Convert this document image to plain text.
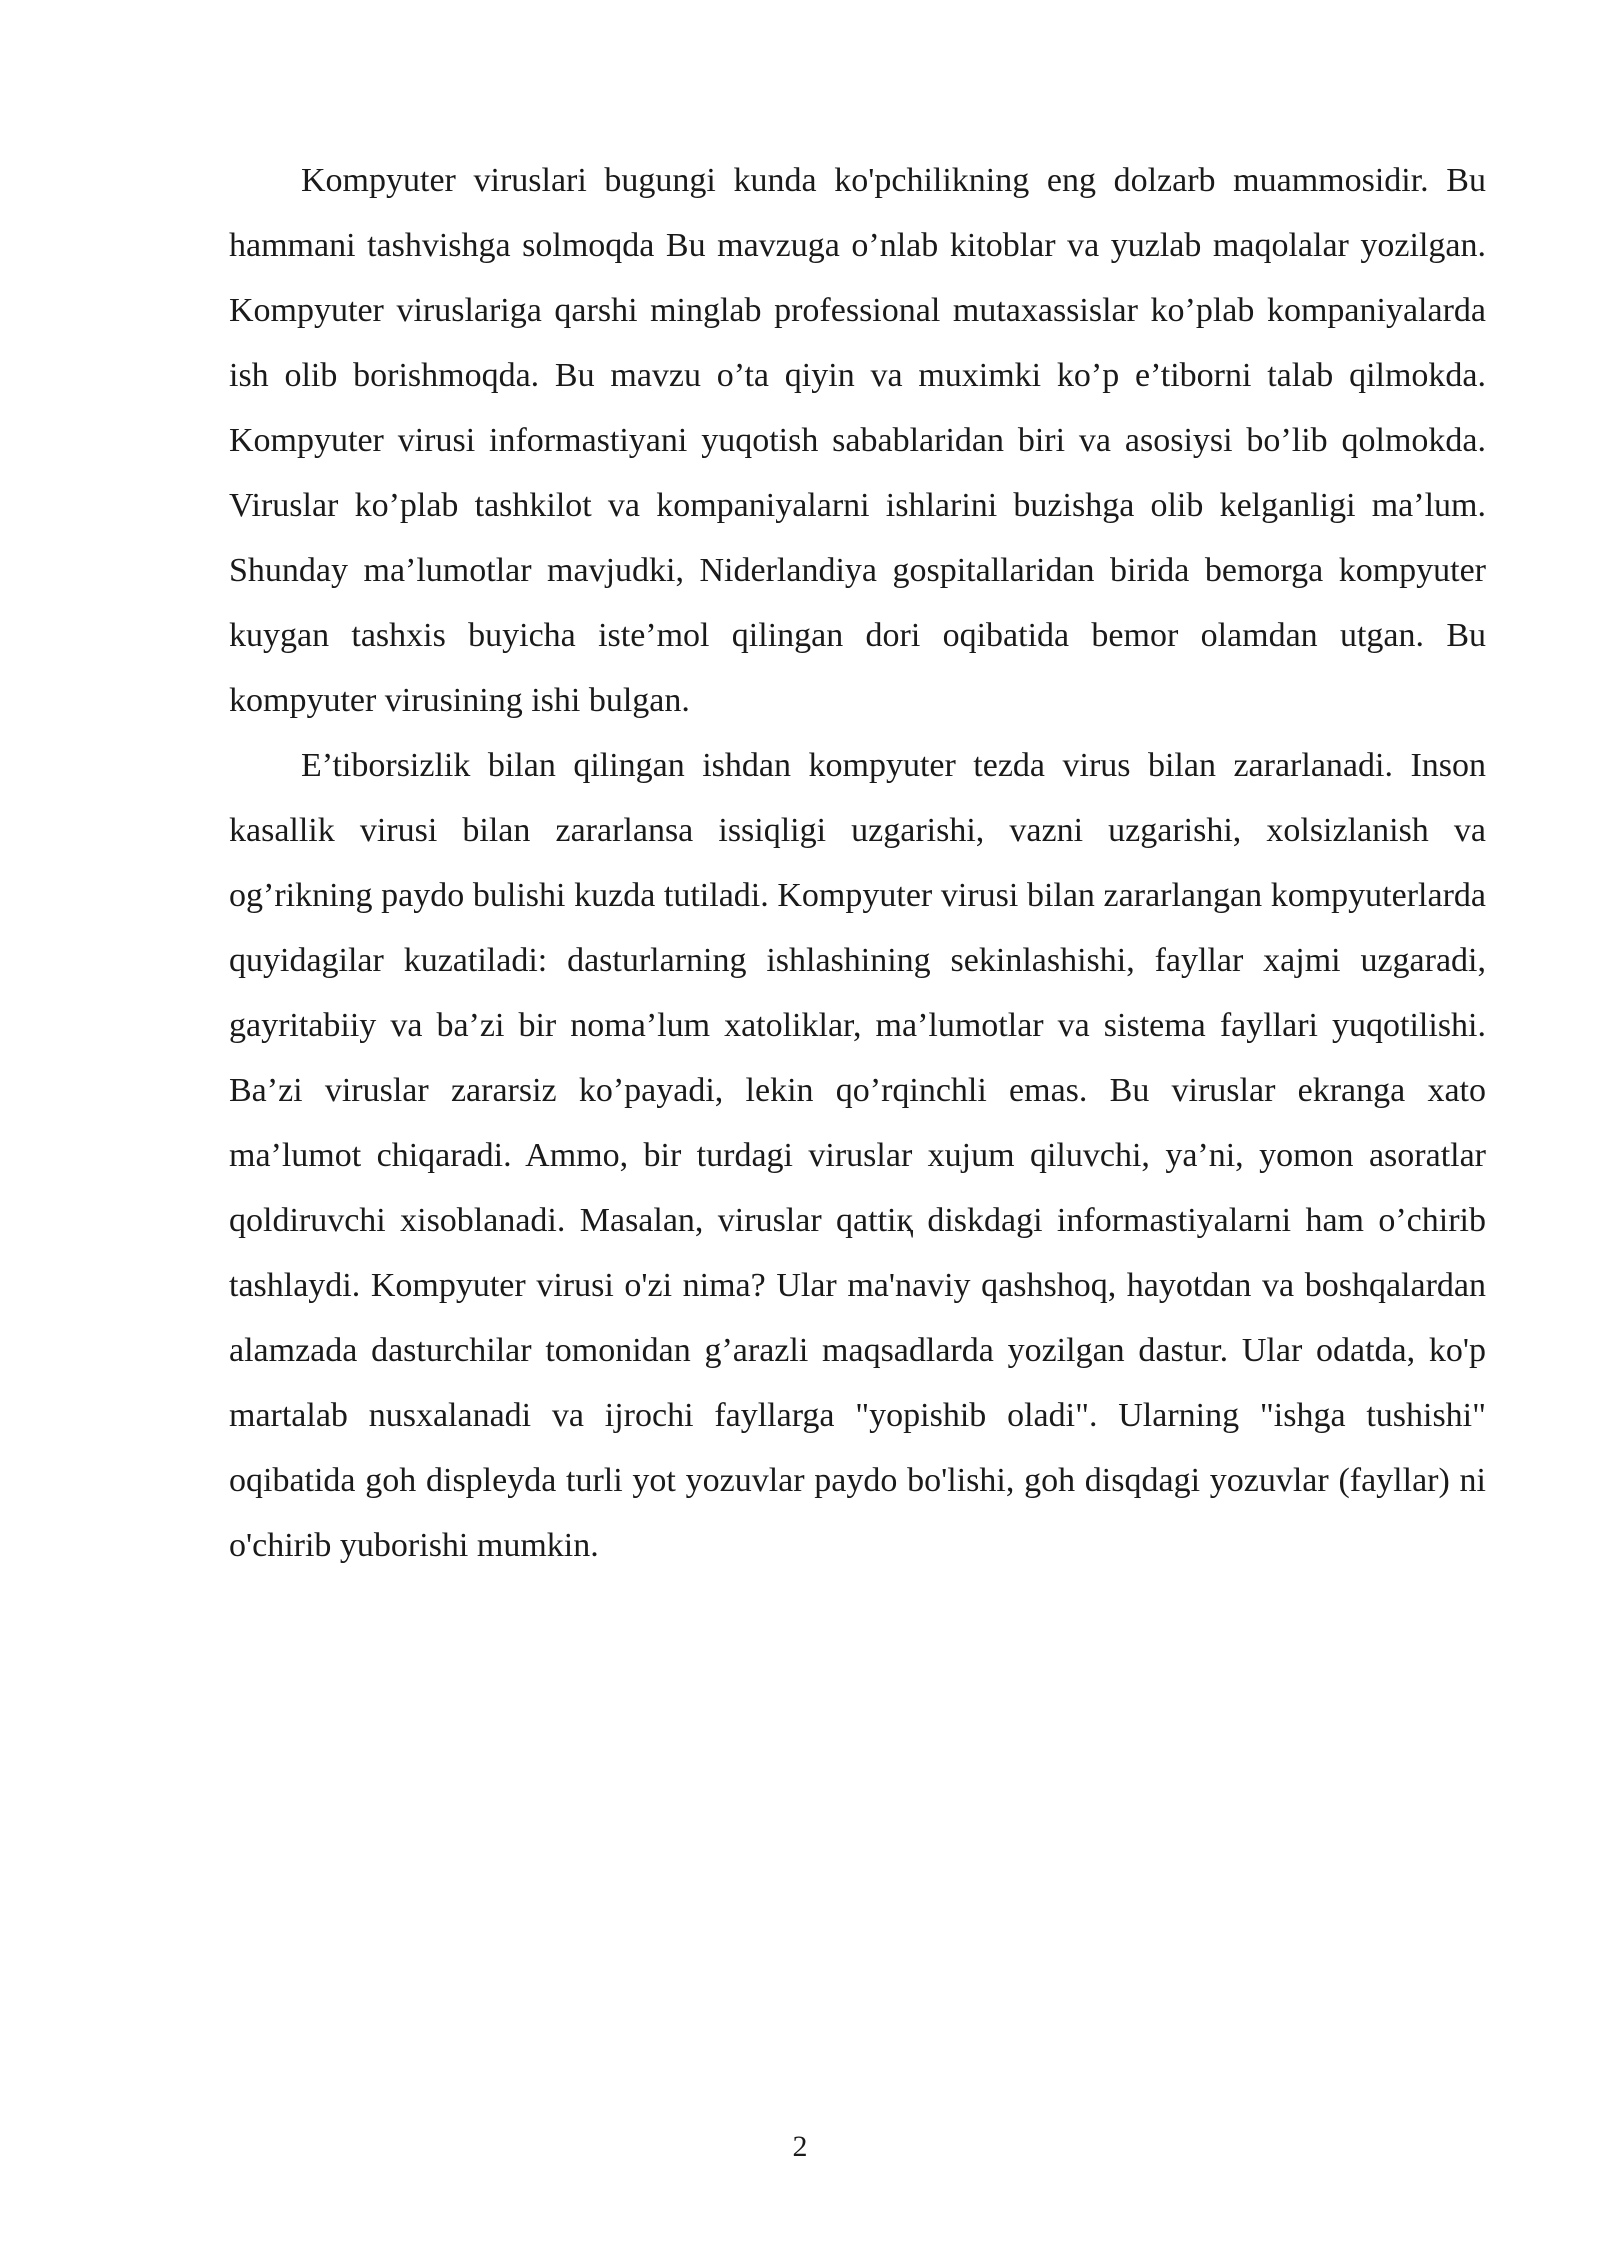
Kompyuter viruslari bugungi kunda ko'pchilikning eng dolzarb muammosidir. Bu hammani tashvishga solmoqda Bu mavzuga o’nlab kitoblar va yuzlab maqolalar yozilgan. Kompyuter viruslariga qarshi minglab professional mutaxassislar ko’plab kompaniyalarda ish olib borishmoqda. Bu mavzu o’ta qiyin va muximki ko’p e’tiborni talab qilmokda. Kompyuter virusi informastiyani yuqotish sabablaridan biri va asosiysi bo’lib qolmokda. Viruslar ko’plab tashkilot va kompaniyalarni ishlarini buzishga olib kelganligi ma’lum. Shunday ma’lumotlar mavjudki, Niderlandiya gospitallaridan birida bemorga kompyuter kuygan tashxis buyicha iste’mol qilingan dori oqibatida bemor olamdan utgan. Bu kompyuter virusining ishi bulgan.

E’tiborsizlik bilan qilingan ishdan kompyuter tezda virus bilan zararlanadi. Inson kasallik virusi bilan zararlansa issiqligi uzgarishi, vazni uzgarishi, xolsizlanish va og’rikning paydo bulishi kuzda tutiladi. Kompyuter virusi bilan zararlangan kompyuterlarda quyidagilar kuzatiladi: dasturlarning ishlashining sekinlashishi, fayllar xajmi uzgaradi, gayritabiiy va ba’zi bir noma’lum xatoliklar, ma’lumotlar va sistema fayllari yuqotilishi. Ba’zi viruslar zararsiz ko’payadi, lekin qo’rqinchli emas. Bu viruslar ekranga xato ma’lumot chiqaradi. Ammo, bir turdagi viruslar xujum qiluvchi, ya’ni, yomon asoratlar qoldiruvchi xisoblanadi. Masalan, viruslar qattiқ diskdagi informastiyalarni ham o’chirib tashlaydi. Kompyuter virusi o'zi nima? Ular ma'naviy qashshoq, hayotdan va boshqalardan alamzada dasturchilar tomonidan g’arazli maqsadlarda yozilgan dastur. Ular odatda, ko'p martalab nusxalanadi va ijrochi fayllarga "yopishib oladi". Ularning "ishga tushishi" oqibatida goh displeyda turli yot yozuvlar paydo bo'lishi, goh disqdagi yozuvlar (fayllar) ni o'chirib yuborishi mumkin.

2
